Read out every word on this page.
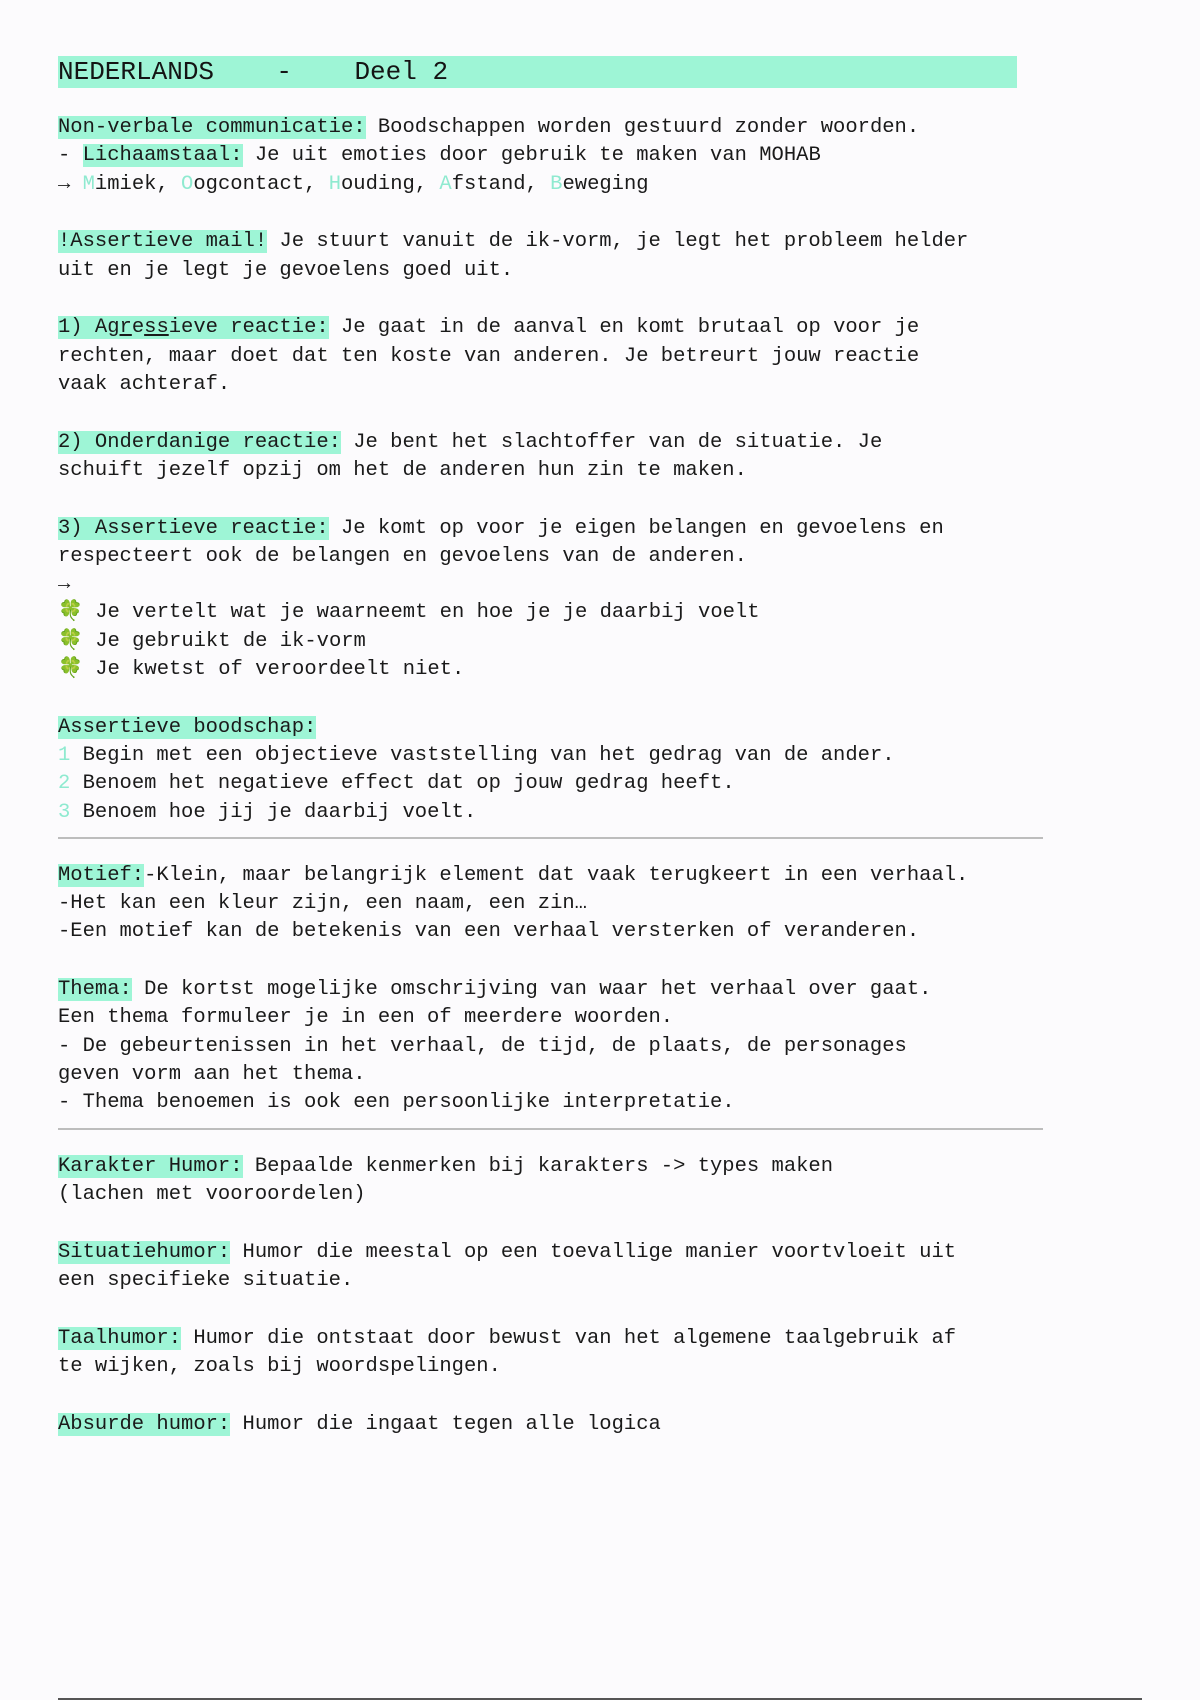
NEDERLANDS    -    Deel 2
Non-verbale communicatie: Boodschappen worden gestuurd zonder woorden.
- Lichaamstaal: Je uit emoties door gebruik te maken van MOHAB
→ Mimiek, Oogcontact, Houding, Afstand, Beweging
!Assertieve mail! Je stuurt vanuit de ik-vorm, je legt het probleem helder
uit en je legt je gevoelens goed uit.
1) Agressieve reactie: Je gaat in de aanval en komt brutaal op voor je
rechten, maar doet dat ten koste van anderen. Je betreurt jouw reactie
vaak achteraf.
2) Onderdanige reactie: Je bent het slachtoffer van de situatie. Je
schuift jezelf opzij om het de anderen hun zin te maken.
3) Assertieve reactie: Je komt op voor je eigen belangen en gevoelens en
respecteert ook de belangen en gevoelens van de anderen.
→
🍀 Je vertelt wat je waarneemt en hoe je je daarbij voelt
🍀 Je gebruikt de ik-vorm
🍀 Je kwetst of veroordeelt niet.
Assertieve boodschap:
1 Begin met een objectieve vaststelling van het gedrag van de ander.
2 Benoem het negatieve effect dat op jouw gedrag heeft.
3 Benoem hoe jij je daarbij voelt.
Motief:-Klein, maar belangrijk element dat vaak terugkeert in een verhaal.
-Het kan een kleur zijn, een naam, een zin…
-Een motief kan de betekenis van een verhaal versterken of veranderen.
Thema: De kortst mogelijke omschrijving van waar het verhaal over gaat.
Een thema formuleer je in een of meerdere woorden.
- De gebeurtenissen in het verhaal, de tijd, de plaats, de personages
geven vorm aan het thema.
- Thema benoemen is ook een persoonlijke interpretatie.
Karakter Humor: Bepaalde kenmerken bij karakters -> types maken
(lachen met vooroordelen)
Situatiehumor: Humor die meestal op een toevallige manier voortvloeit uit
een specifieke situatie.
Taalhumor: Humor die ontstaat door bewust van het algemene taalgebruik af
te wijken, zoals bij woordspelingen.
Absurde humor: Humor die ingaat tegen alle logica
